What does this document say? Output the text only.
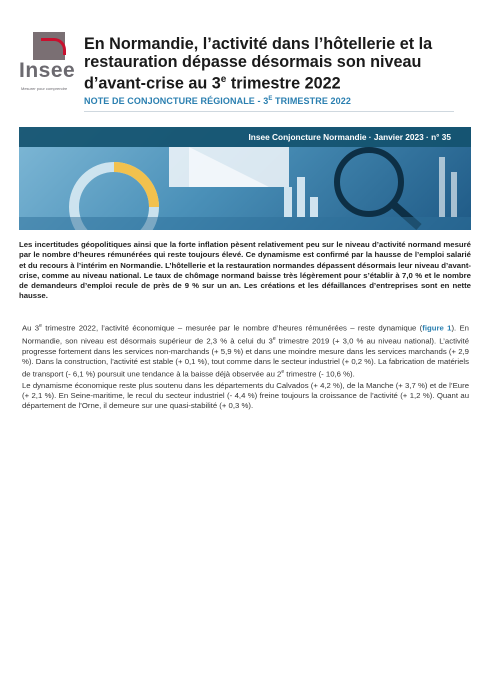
Insee
Mesurer pour comprendre
En Normandie, l’activité dans l’hôtellerie et la restauration dépasse désormais son niveau d’avant-crise au 3e trimestre 2022
NOTE DE CONJONCTURE RÉGIONALE - $3^E$ TRIMESTRE 2022
Insee Conjoncture Normandie · Janvier 2023 · n° 35

Les incertitudes géopolitiques ainsi que la forte inflation pèsent relativement peu sur le niveau d’activité normand mesuré par le nombre d’heures rémunérées qui reste toujours élevé. Ce dynamisme est confirmé par la hausse de l’emploi salarié et du recours à l’intérim en Normandie. L’hôtellerie et la restauration normandes dépassent désormais leur niveau d’avant-crise, comme au niveau national. Le taux de chômage normand baisse très légèrement pour s’établir à 7,0 % et le nombre de demandeurs d’emploi recule de près de 9 % sur un an. Les créations et les défaillances d’entreprises sont en nette hausse.

Au 3e trimestre 2022, l’activité économique – mesurée par le nombre d’heures rémunérées – reste dynamique (figure 1). En Normandie, son niveau est désormais supérieur de 2,3 % à celui du 3e trimestre 2019 (+ 3,0 % au niveau national). L’activité progresse fortement dans les services non-marchands (+ 5,9 %) et dans une moindre mesure dans les services marchands (+ 2,9 %). Dans la construction, l’activité est stable (+ 0,1 %), tout comme dans le secteur industriel (+ 0,2 %). La fabrication de matériels de transport (- 6,1 %) poursuit une tendance à la baisse déjà observée au 2e trimestre (- 10,6 %).

Le dynamisme économique reste plus soutenu dans les départements du Calvados (+ 4,2 %), de la Manche (+ 3,7 %) et de l’Eure (+ 2,1 %). En Seine-maritime, le recul du secteur industriel (- 4,4 %) freine toujours la croissance de l’activité (+ 1,2 %). Quant au département de l’Orne, il demeure sur une quasi-stabilité (+ 0,3 %).
